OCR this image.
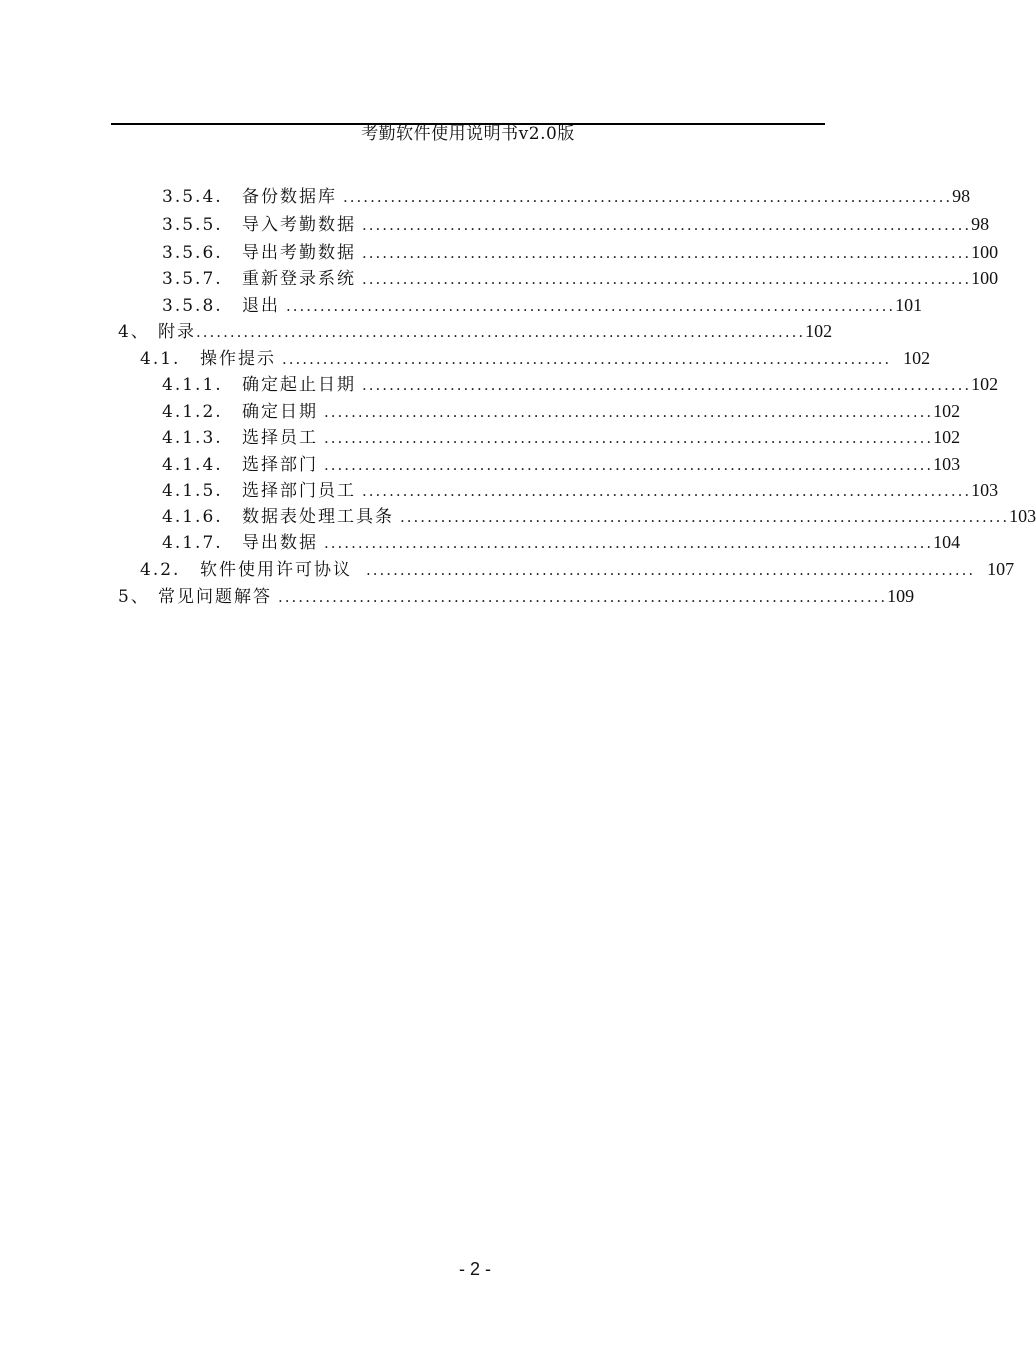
考勤软件使用说明书v2.0版
3.5.4.	备份数据库 .......................................................................................... 98
3.5.5.	导入考勤数据 .......................................................................................... 98
3.5.6.	导出考勤数据 .......................................................................................... 100
3.5.7.	重新登录系统 .......................................................................................... 100
3.5.8.	退出 .......................................................................................... 101
4、 附录 .......................................................................................... 102
4.1.	操作提示 .......................................................................................... 102
4.1.1.	确定起止日期 .......................................................................................... 102
4.1.2.	确定日期 .......................................................................................... 102
4.1.3.	选择员工 .......................................................................................... 102
4.1.4.	选择部门 .......................................................................................... 103
4.1.5.	选择部门员工 .......................................................................................... 103
4.1.6.	数据表处理工具条 .......................................................................................... 103
4.1.7.	导出数据 .......................................................................................... 104
4.2.	软件使用许可协议 .......................................................................................... 107
5、 常见问题解答 .......................................................................................... 109
- 2 -
